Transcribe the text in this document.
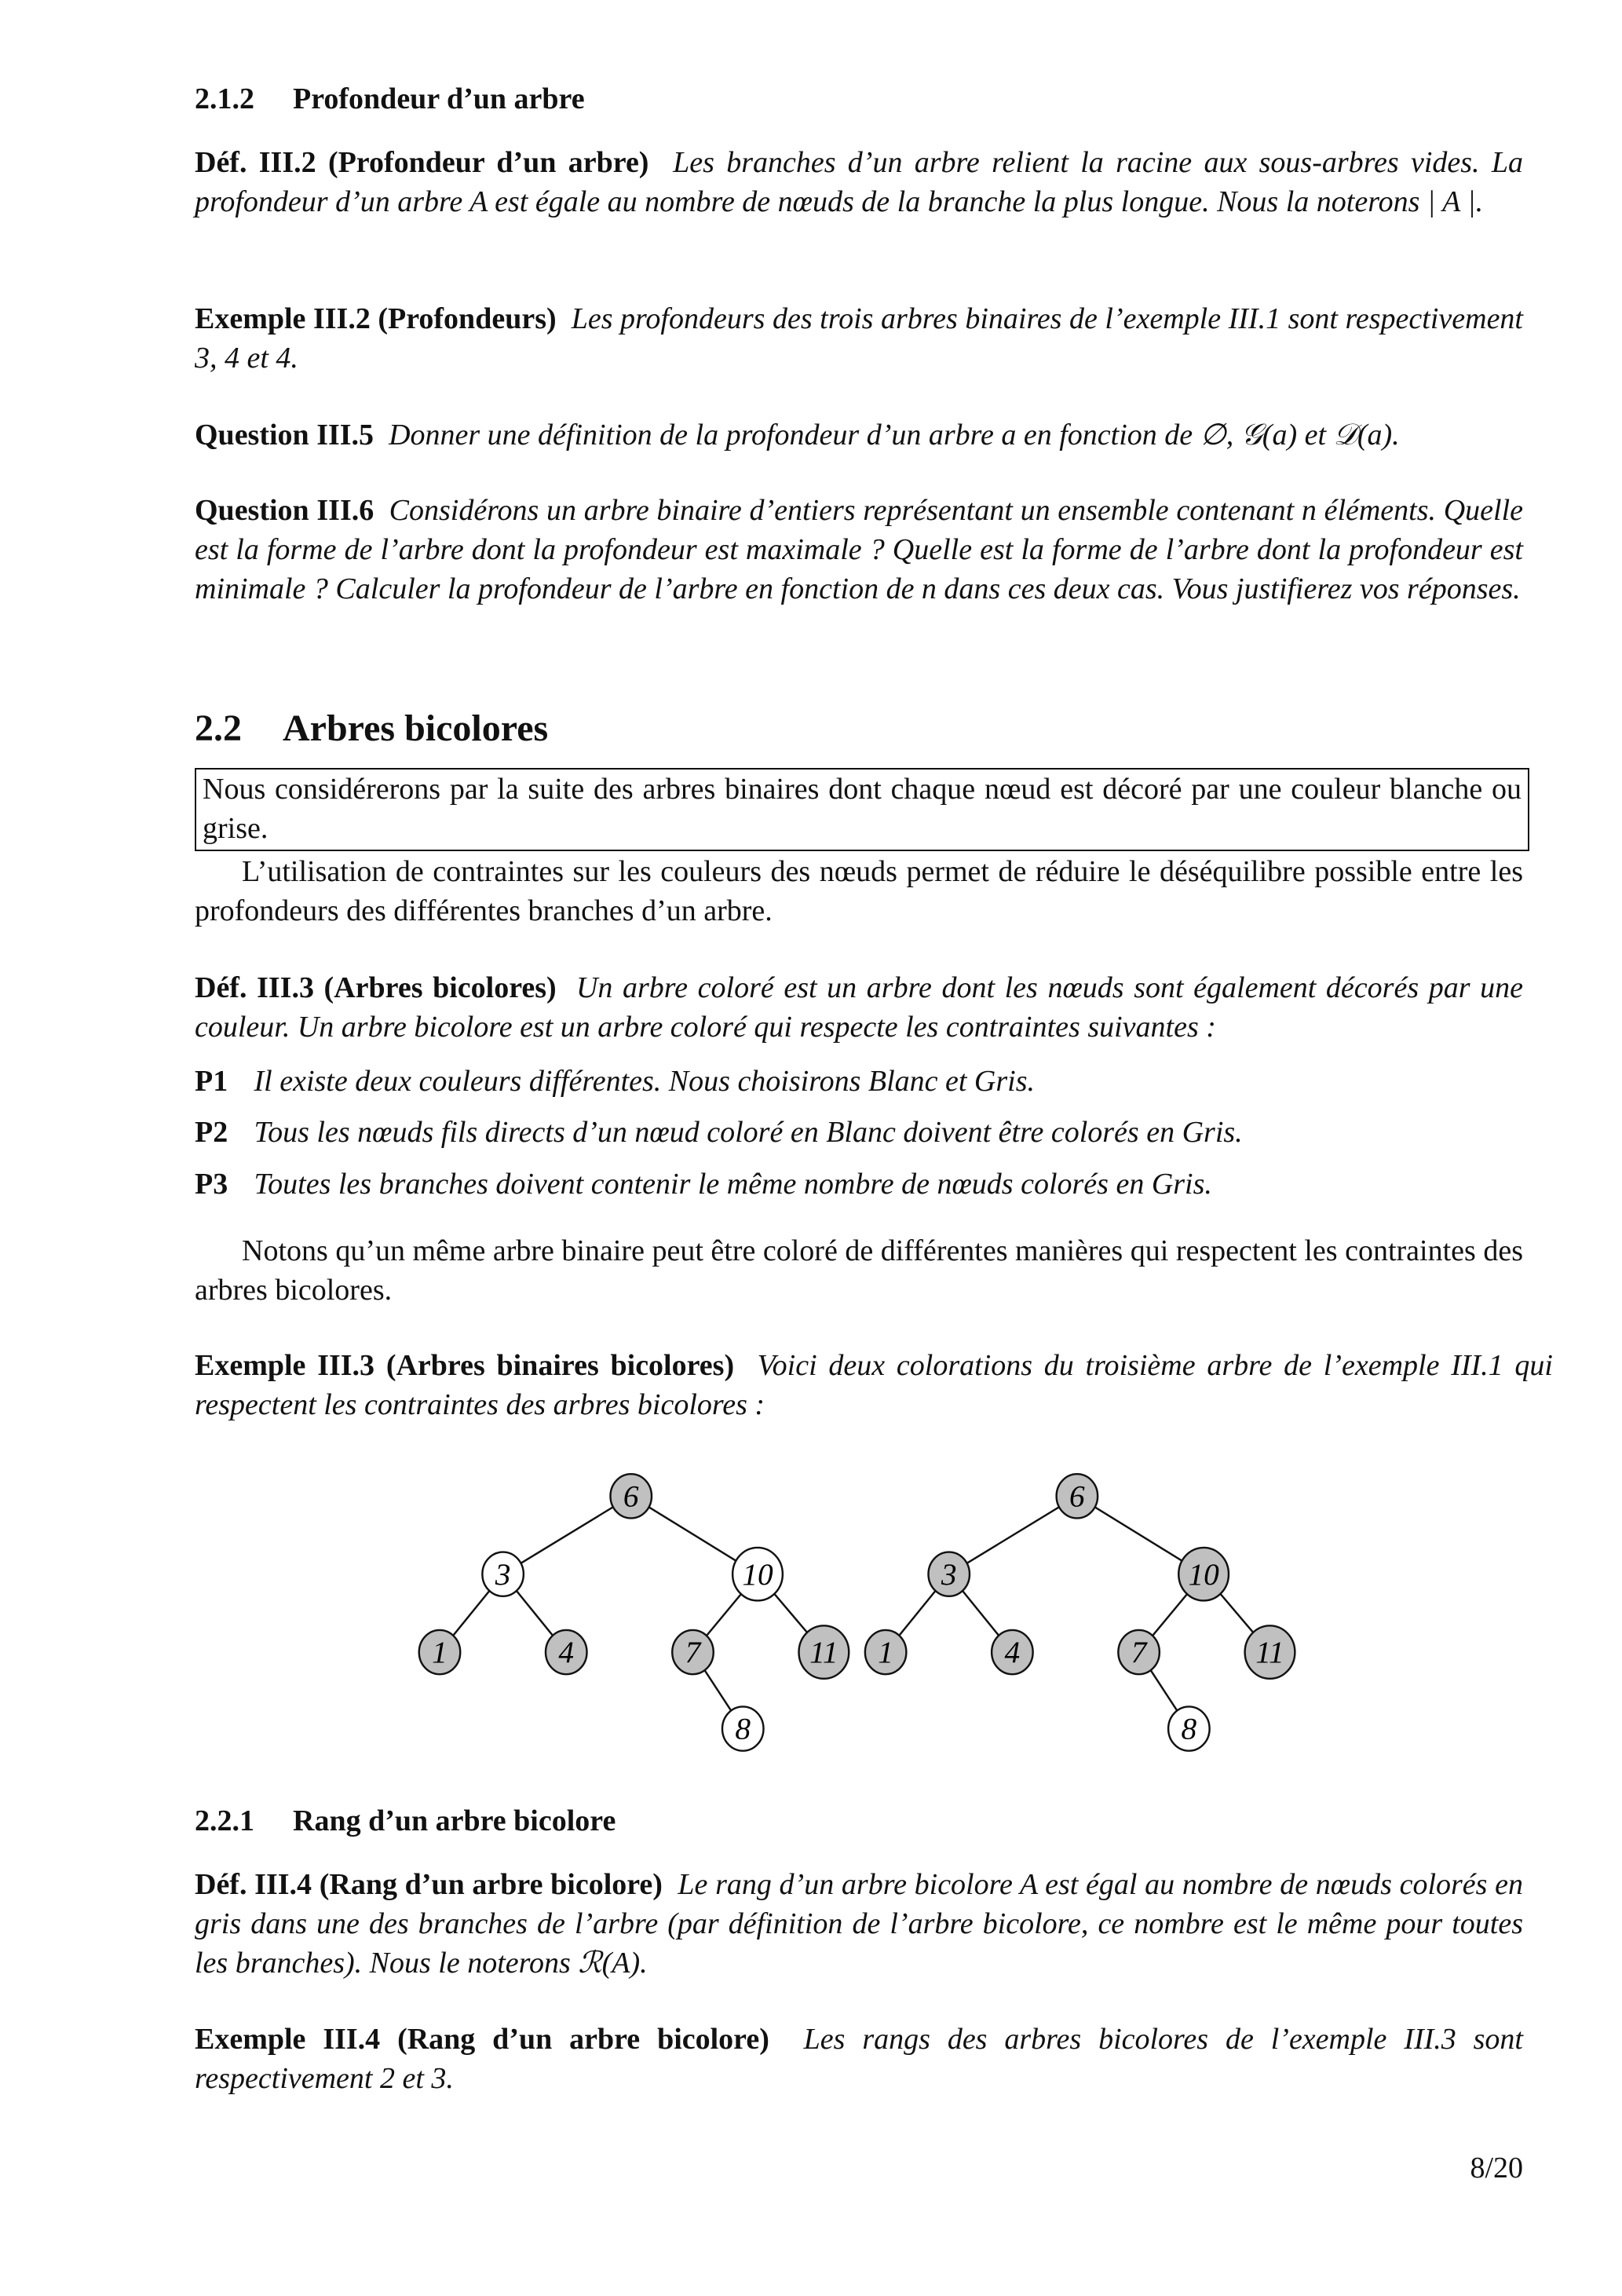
2.1.2 Profondeur d’un arbre
Déf. III.2 (Profondeur d’un arbre) Les branches d’un arbre relient la racine aux sous-arbres vides. La profondeur d’un arbre A est égale au nombre de nœuds de la branche la plus longue. Nous la noterons | A |.
Exemple III.2 (Profondeurs) Les profondeurs des trois arbres binaires de l’exemple III.1 sont respectivement 3, 4 et 4.
Question III.5 Donner une définition de la profondeur d’un arbre a en fonction de ∅, 𝒢(a) et 𝒟(a).
Question III.6 Considérons un arbre binaire d’entiers représentant un ensemble contenant n éléments. Quelle est la forme de l’arbre dont la profondeur est maximale ? Quelle est la forme de l’arbre dont la profondeur est minimale ? Calculer la profondeur de l’arbre en fonction de n dans ces deux cas. Vous justifierez vos réponses.
2.2 Arbres bicolores
Nous considérerons par la suite des arbres binaires dont chaque nœud est décoré par une couleur blanche ou grise.
L’utilisation de contraintes sur les couleurs des nœuds permet de réduire le déséquilibre possible entre les profondeurs des différentes branches d’un arbre.
Déf. III.3 (Arbres bicolores) Un arbre coloré est un arbre dont les nœuds sont également décorés par une couleur. Un arbre bicolore est un arbre coloré qui respecte les contraintes suivantes :
P1 Il existe deux couleurs différentes. Nous choisirons Blanc et Gris.
P2 Tous les nœuds fils directs d’un nœud coloré en Blanc doivent être colorés en Gris.
P3 Toutes les branches doivent contenir le même nombre de nœuds colorés en Gris.
Notons qu’un même arbre binaire peut être coloré de différentes manières qui respectent les contraintes des arbres bicolores.
Exemple III.3 (Arbres binaires bicolores) Voici deux colorations du troisième arbre de l’exemple III.1 qui respectent les contraintes des arbres bicolores :
6
3	10
1	4	7	11
8
6
3	10
1	4	7	11
8
2.2.1 Rang d’un arbre bicolore
Déf. III.4 (Rang d’un arbre bicolore) Le rang d’un arbre bicolore A est égal au nombre de nœuds colorés en gris dans une des branches de l’arbre (par définition de l’arbre bicolore, ce nombre est le même pour toutes les branches). Nous le noterons ℛ(A).
Exemple III.4 (Rang d’un arbre bicolore) Les rangs des arbres bicolores de l’exemple III.3 sont respectivement 2 et 3.
8/20
